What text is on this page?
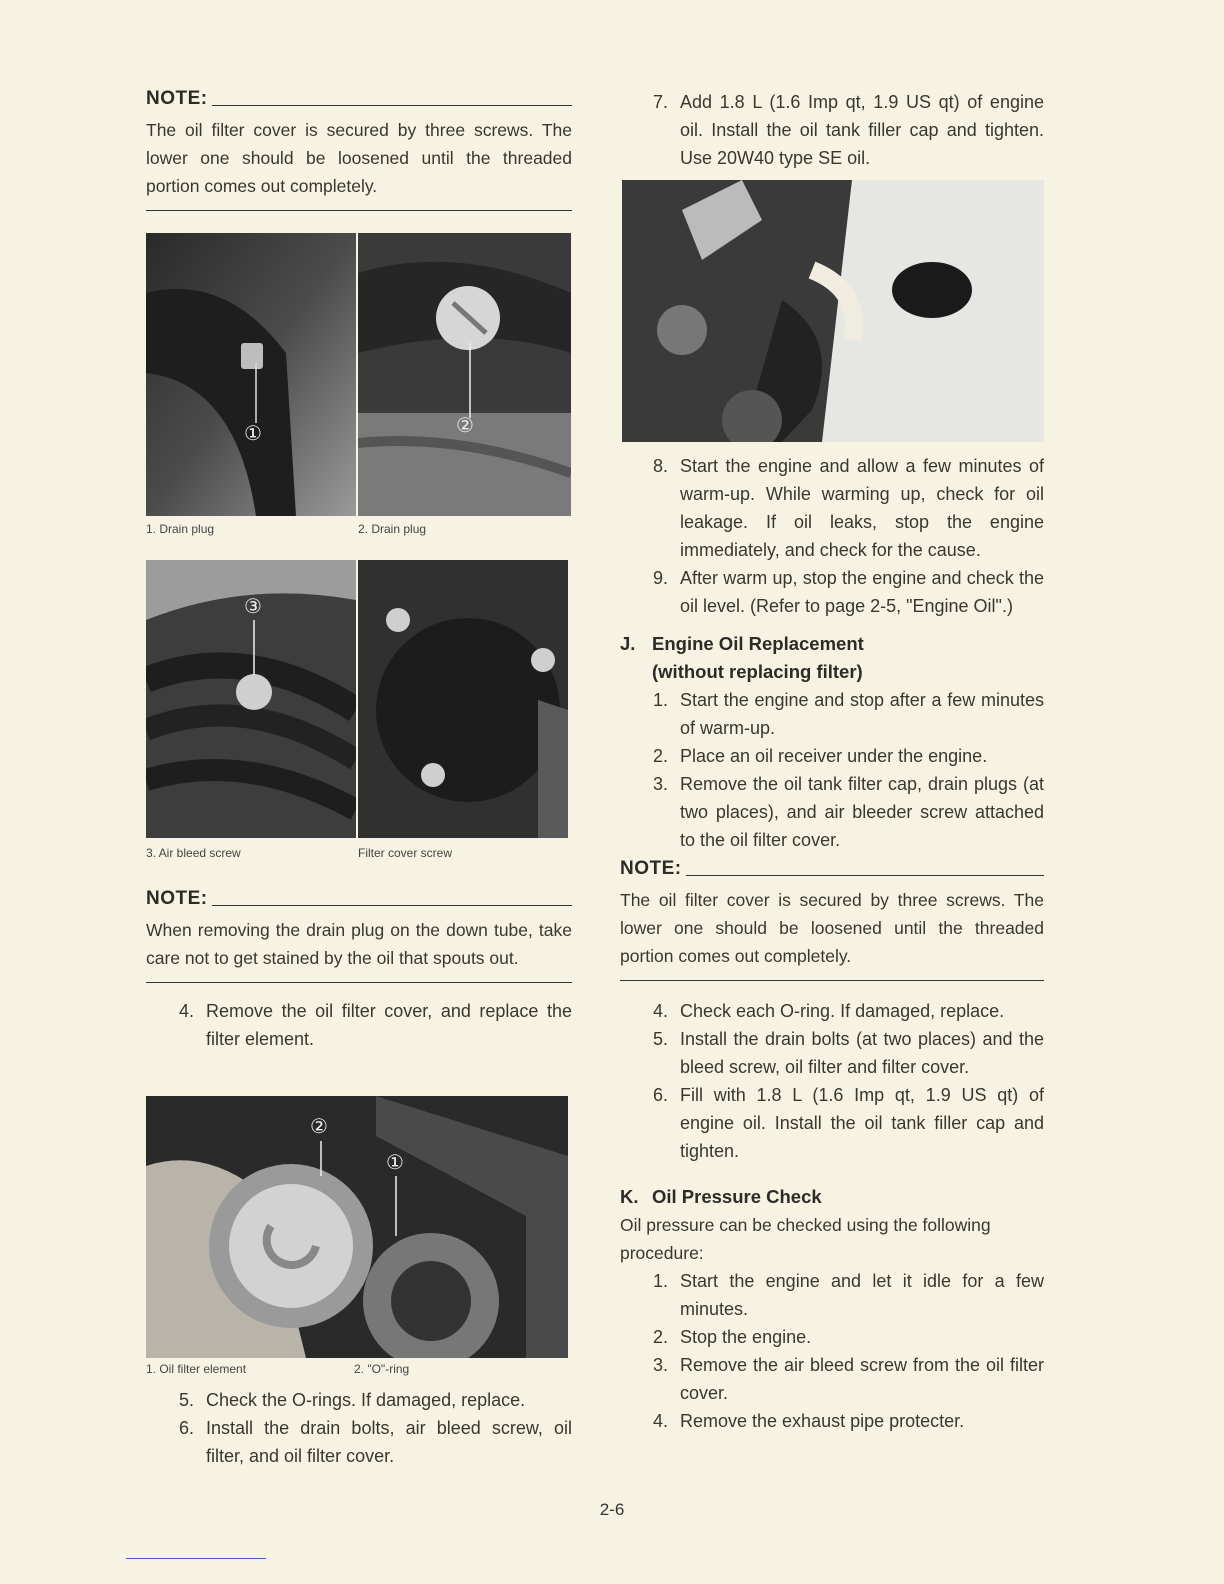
NOTE:
The oil filter cover is secured by three screws. The lower one should be loosened until the threaded portion comes out completely.
①	②
1. Drain plug	2. Drain plug
③
3. Air bleed screw	Filter cover screw
NOTE:
When removing the drain plug on the down tube, take care not to get stained by the oil that spouts out.
4. Remove the oil filter cover, and replace the filter element.
②
①
1. Oil filter element	2. "O"-ring
5. Check the O-rings. If damaged, replace.
6. Install the drain bolts, air bleed screw, oil filter, and oil filter cover.
7. Add 1.8 L (1.6 Imp qt, 1.9 US qt) of engine oil. Install the oil tank filler cap and tighten. Use 20W40 type SE oil.
8. Start the engine and allow a few minutes of warm-up. While warming up, check for oil leakage. If oil leaks, stop the engine immediately, and check for the cause.
9. After warm up, stop the engine and check the oil level. (Refer to page 2-5, "Engine Oil".)
J. Engine Oil Replacement
(without replacing filter)
1. Start the engine and stop after a few minutes of warm-up.
2. Place an oil receiver under the engine.
3. Remove the oil tank filter cap, drain plugs (at two places), and air bleeder screw attached to the oil filter cover.
NOTE:
The oil filter cover is secured by three screws. The lower one should be loosened until the threaded portion comes out completely.
4. Check each O-ring. If damaged, replace.
5. Install the drain bolts (at two places) and the bleed screw, oil filter and filter cover.
6. Fill with 1.8 L (1.6 Imp qt, 1.9 US qt) of engine oil. Install the oil tank filler cap and tighten.
K. Oil Pressure Check
Oil pressure can be checked using the following procedure:
1. Start the engine and let it idle for a few minutes.
2. Stop the engine.
3. Remove the air bleed screw from the oil filter cover.
4. Remove the exhaust pipe protecter.
2-6
